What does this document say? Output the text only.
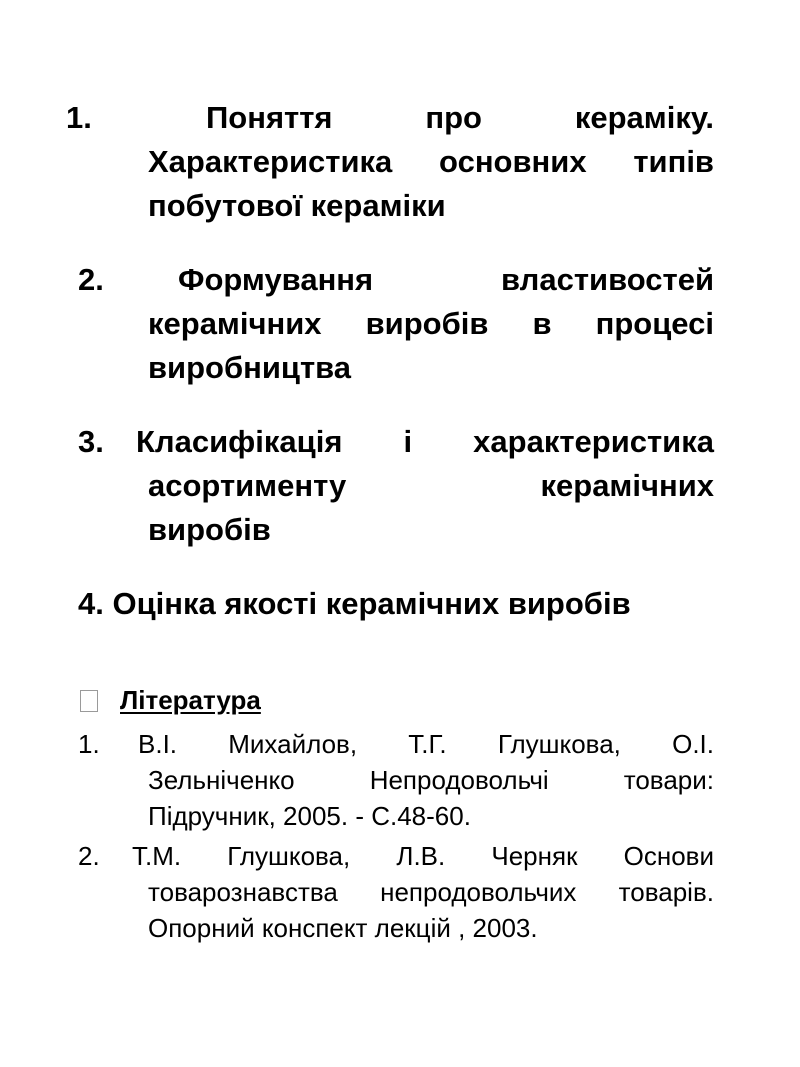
1.	Поняття про кераміку.
Характеристика основних типів
побутової кераміки
2.	Формування властивостей
керамічних виробів в процесі
виробництва
3. Класифікація і характеристика
асортименту керамічних
виробів
4. Оцінка якості керамічних виробів
Література
1. В.І. Михайлов, Т.Г. Глушкова, О.І.
Зельніченко Непродовольчі товари:
Підручник, 2005. - С.48-60.
2. Т.М. Глушкова, Л.В. Черняк Основи
товарознавства непродовольчих товарів.
Опорний конспект лекцій , 2003.
